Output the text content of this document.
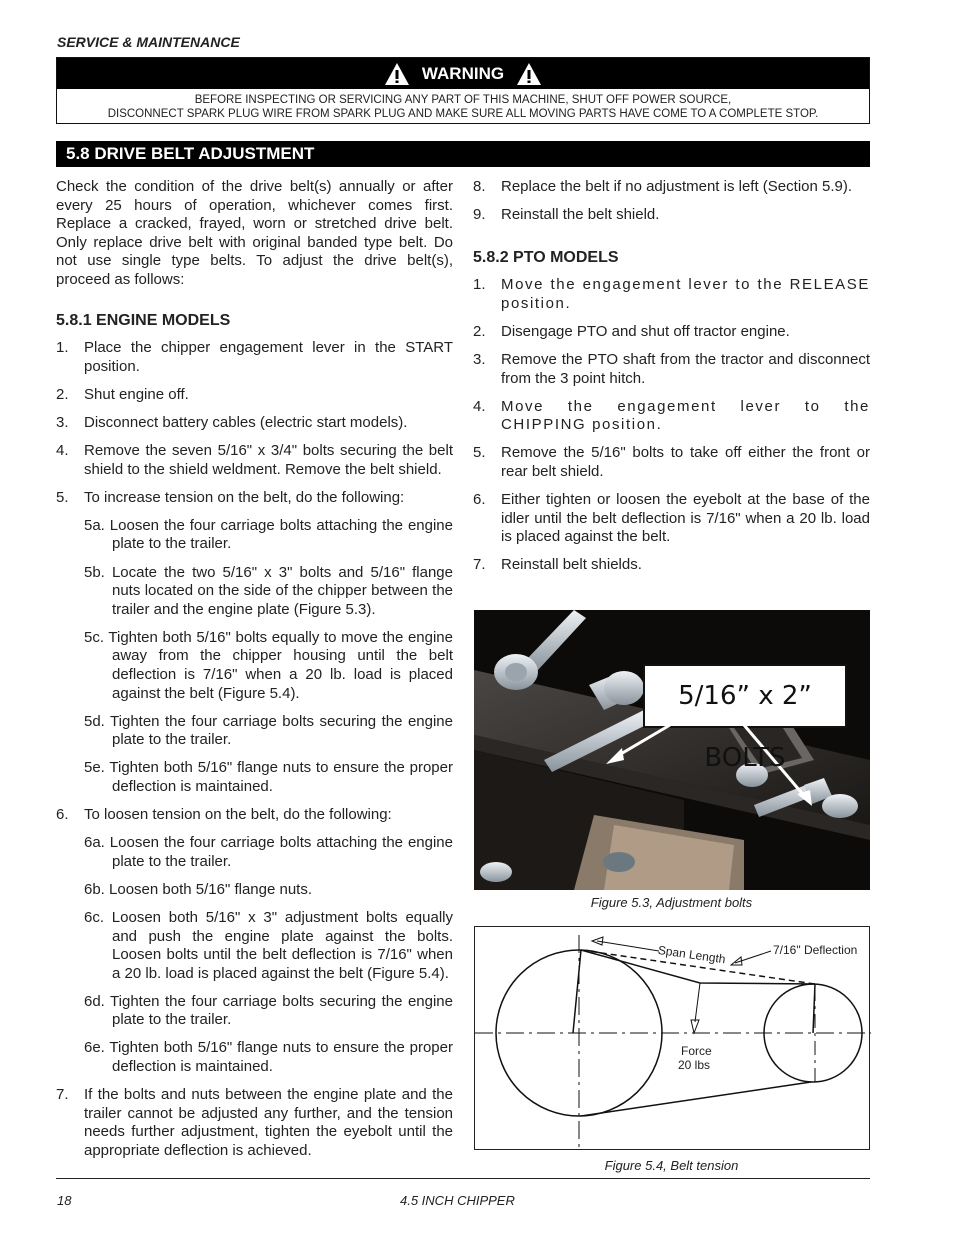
SERVICE & MAINTENANCE
WARNING
BEFORE INSPECTING OR SERVICING ANY PART OF THIS MACHINE, SHUT OFF POWER SOURCE,
DISCONNECT SPARK PLUG WIRE FROM SPARK PLUG AND MAKE SURE ALL MOVING PARTS HAVE COME TO A COMPLETE STOP.
5.8 DRIVE BELT ADJUSTMENT

Check the condition of the drive belt(s) annually or after every 25 hours of operation, whichever comes first. Replace a cracked, frayed, worn or stretched drive belt. Only replace drive belt with original banded type belt. Do not use single type belts. To adjust the drive belt(s), proceed as follows:

5.8.1 ENGINE MODELS
1. Place the chipper engagement lever in the START position.
2. Shut engine off.
3. Disconnect battery cables (electric start models).
4. Remove the seven 5/16" x 3/4" bolts securing the belt shield to the shield weldment. Remove the belt shield.
5. To increase tension on the belt, do the following:

5a. Loosen the four carriage bolts attaching the engine plate to the trailer.

5b. Locate the two 5/16" x 3" bolts and 5/16" flange nuts located on the side of the chipper between the trailer and the engine plate (Figure 5.3).

5c. Tighten both 5/16" bolts equally to move the engine away from the chipper housing until the belt deflection is 7/16" when a 20 lb. load is placed against the belt (Figure 5.4).

5d. Tighten the four carriage bolts securing the engine plate to the trailer.

5e. Tighten both 5/16" flange nuts to ensure the proper deflection is maintained.

6. To loosen tension on the belt, do the following:

6a. Loosen the four carriage bolts attaching the engine plate to the trailer.

6b. Loosen both 5/16" flange nuts.

6c. Loosen both 5/16" x 3" adjustment bolts equally and push the engine plate against the bolts. Loosen bolts until the belt deflection is 7/16" when a 20 lb. load is placed against the belt (Figure 5.4).

6d. Tighten the four carriage bolts securing the engine plate to the trailer.

6e. Tighten both 5/16" flange nuts to ensure the proper deflection is maintained.

7. If the bolts and nuts between the engine plate and the trailer cannot be adjusted any further, and the tension needs further adjustment, tighten the eyebolt until the appropriate deflection is achieved.
8. Replace the belt if no adjustment is left (Section 5.9).
9. Reinstall the belt shield.
5.8.2 PTO MODELS
1. Move the engagement lever to the RELEASE position.
2. Disengage PTO and shut off tractor engine.
3. Remove the PTO shaft from the tractor and disconnect from the 3 point hitch.
4. Move the engagement lever to the CHIPPING position.
5. Remove the 5/16" bolts to take off either the front or rear belt shield.
6. Either tighten or loosen the eyebolt at the base of the idler until the belt deflection is 7/16" when a 20 lb. load is placed against the belt.
7. Reinstall belt shields.
5/16” x 2” BOLTS
Figure 5.3, Adjustment bolts
Span Length	7/16" Deflection
Force
20 lbs
Figure 5.4, Belt tension
18	4.5 INCH CHIPPER
